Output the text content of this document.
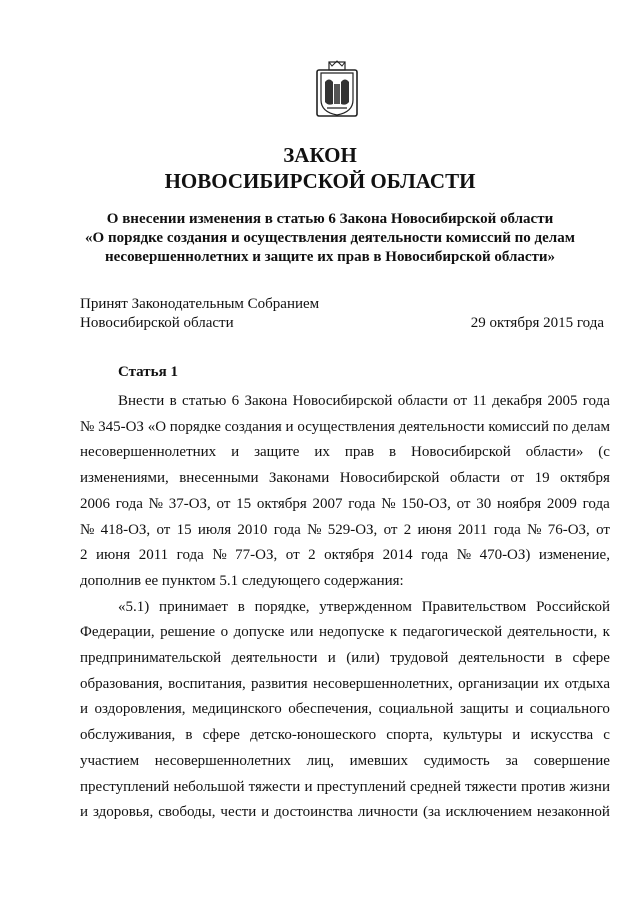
ЗАКОН
НОВОСИБИРСКОЙ ОБЛАСТИ
О внесении изменения в статью 6 Закона Новосибирской области
«О порядке создания и осуществления деятельности комиссий по делам
несовершеннолетних и защите их прав в Новосибирской области»
Принят Законодательным Собранием
Новосибирской области	29 октября 2015 года
Статья 1
Внести в статью 6 Закона Новосибирской области от 11 декабря 2005 года
№ 345-ОЗ «О порядке создания и осуществления деятельности комиссий по делам
несовершеннолетних и защите их прав в Новосибирской области» (с
изменениями, внесенными Законами Новосибирской области от 19 октября
2006 года № 37-ОЗ, от 15 октября 2007 года № 150-ОЗ, от 30 ноября 2009 года
№ 418-ОЗ, от 15 июля 2010 года № 529-ОЗ, от 2 июня 2011 года № 76-ОЗ, от
2 июня 2011 года № 77-ОЗ, от 2 октября 2014 года № 470-ОЗ) изменение,
дополнив ее пунктом 5.1 следующего содержания:
«5.1) принимает в порядке, утвержденном Правительством Российской
Федерации, решение о допуске или недопуске к педагогической деятельности, к
предпринимательской деятельности и (или) трудовой деятельности в сфере
образования, воспитания, развития несовершеннолетних, организации их отдыха
и оздоровления, медицинского обеспечения, социальной защиты и социального
обслуживания, в сфере детско-юношеского спорта, культуры и искусства с
участием несовершеннолетних лиц, имевших судимость за совершение
преступлений небольшой тяжести и преступлений средней тяжести против жизни
и здоровья, свободы, чести и достоинства личности (за исключением незаконной
